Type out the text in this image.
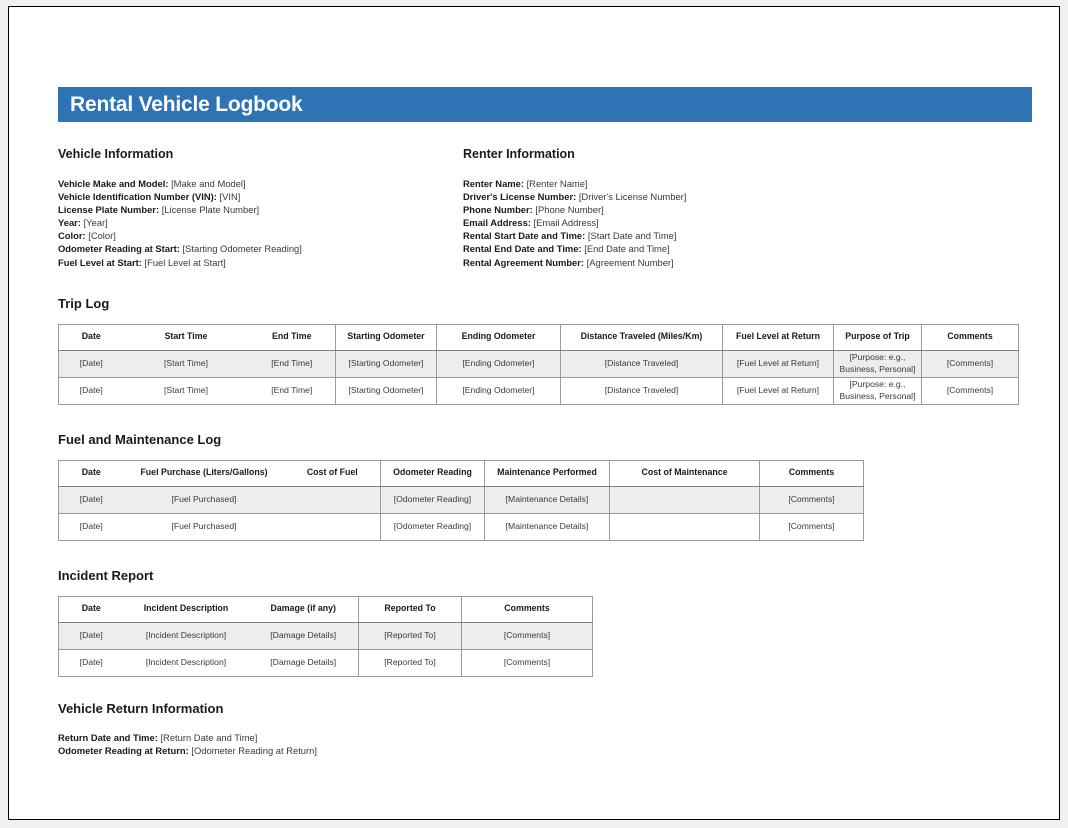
Rental Vehicle Logbook
Vehicle Information
Vehicle Make and Model: [Make and Model]
Vehicle Identification Number (VIN): [VIN]
License Plate Number: [License Plate Number]
Year: [Year]
Color: [Color]
Odometer Reading at Start: [Starting Odometer Reading]
Fuel Level at Start: [Fuel Level at Start]
Renter Information
Renter Name: [Renter Name]
Driver's License Number: [Driver's License Number]
Phone Number: [Phone Number]
Email Address: [Email Address]
Rental Start Date and Time: [Start Date and Time]
Rental End Date and Time: [End Date and Time]
Rental Agreement Number: [Agreement Number]
Trip Log
Date	Start Time	End Time	Starting Odometer	Ending Odometer	Distance Traveled (Miles/Km)	Fuel Level at Return	Purpose of Trip	Comments
[Date]	[Start Time]	[End Time]	[Starting Odometer]	[Ending Odometer]	[Distance Traveled]	[Fuel Level at Return]	[Purpose: e.g., Business, Personal]	[Comments]
[Date]	[Start Time]	[End Time]	[Starting Odometer]	[Ending Odometer]	[Distance Traveled]	[Fuel Level at Return]	[Purpose: e.g., Business, Personal]	[Comments]
Fuel and Maintenance Log
Date	Fuel Purchase (Liters/Gallons)	Cost of Fuel	Odometer Reading	Maintenance Performed	Cost of Maintenance	Comments
[Date]	[Fuel Purchased]		[Odometer Reading]	[Maintenance Details]		[Comments]
[Date]	[Fuel Purchased]		[Odometer Reading]	[Maintenance Details]		[Comments]
Incident Report
Date	Incident Description	Damage (if any)	Reported To	Comments
[Date]	[Incident Description]	[Damage Details]	[Reported To]	[Comments]
[Date]	[Incident Description]	[Damage Details]	[Reported To]	[Comments]
Vehicle Return Information
Return Date and Time: [Return Date and Time]
Odometer Reading at Return: [Odometer Reading at Return]
